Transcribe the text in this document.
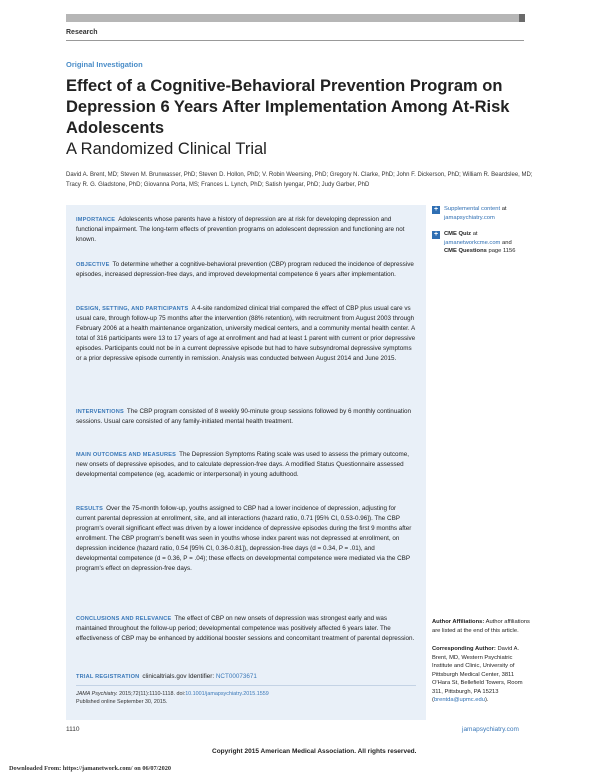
Research
Original Investigation
Effect of a Cognitive-Behavioral Prevention Program on Depression 6 Years After Implementation Among At-Risk Adolescents
A Randomized Clinical Trial

David A. Brent, MD; Steven M. Brunwasser, PhD; Steven D. Hollon, PhD; V. Robin Weersing, PhD; Gregory N. Clarke, PhD; John F. Dickerson, PhD; William R. Beardslee, MD; Tracy R. G. Gladstone, PhD; Giovanna Porta, MS; Frances L. Lynch, PhD; Satish Iyengar, PhD; Judy Garber, PhD

IMPORTANCE Adolescents whose parents have a history of depression are at risk for developing depression and functional impairment. The long-term effects of prevention programs on adolescent depression and functioning are not known.

OBJECTIVE To determine whether a cognitive-behavioral prevention (CBP) program reduced the incidence of depressive episodes, increased depression-free days, and improved developmental competence 6 years after implementation.

DESIGN, SETTING, AND PARTICIPANTS A 4-site randomized clinical trial compared the effect of CBP plus usual care vs usual care, through follow-up 75 months after the intervention (88% retention), with recruitment from August 2003 through February 2006 at a health maintenance organization, university medical centers, and a community mental health center. A total of 316 participants were 13 to 17 years of age at enrollment and had at least 1 parent with current or prior depressive episodes. Participants could not be in a current depressive episode but had to have subsyndromal depressive symptoms or a prior depressive episode currently in remission. Analysis was conducted between August 2014 and June 2015.

INTERVENTIONS The CBP program consisted of 8 weekly 90-minute group sessions followed by 6 monthly continuation sessions. Usual care consisted of any family-initiated mental health treatment.

MAIN OUTCOMES AND MEASURES The Depression Symptoms Rating scale was used to assess the primary outcome, new onsets of depressive episodes, and to calculate depression-free days. A modified Status Questionnaire assessed developmental competence (eg, academic or interpersonal) in young adulthood.

RESULTS Over the 75-month follow-up, youths assigned to CBP had a lower incidence of depression, adjusting for current parental depression at enrollment, site, and all interactions (hazard ratio, 0.71 [95% CI, 0.53-0.96]). The CBP program's overall significant effect was driven by a lower incidence of depressive episodes during the first 9 months after enrollment. The CBP program's benefit was seen in youths whose index parent was not depressed at enrollment, on depression incidence (hazard ratio, 0.54 [95% CI, 0.36-0.81]), depression-free days (d = 0.34, P = .01), and developmental competence (d = 0.36, P = .04); these effects on developmental competence were mediated via the CBP program's effect on depression-free days.

CONCLUSIONS AND RELEVANCE The effect of CBP on new onsets of depression was strongest early and was maintained throughout the follow-up period; developmental competence was positively affected 6 years later. The effectiveness of CBP may be enhanced by additional booster sessions and concomitant treatment of parental depression.

TRIAL REGISTRATION clinicaltrials.gov Identifier: NCT00073671

JAMA Psychiatry. 2015;72(11):1110-1118. doi:10.1001/jamapsychiatry.2015.1559
Published online September 30, 2015.

+	Supplemental content at
jamapsychiatry.com

+	CME Quiz at
jamanetworkcme.com and
CME Questions page 1156

Author Affiliations: Author affiliations are listed at the end of this article.

Corresponding Author: David A. Brent, MD, Western Psychiatric Institute and Clinic, University of Pittsburgh Medical Center, 3811 O'Hara St, Bellefield Towers, Room 311, Pittsburgh, PA 15213 (brentda@upmc.edu).

1110	jamapsychiatry.com
Copyright 2015 American Medical Association. All rights reserved.
Downloaded From: https://jamanetwork.com/ on 06/07/2020
